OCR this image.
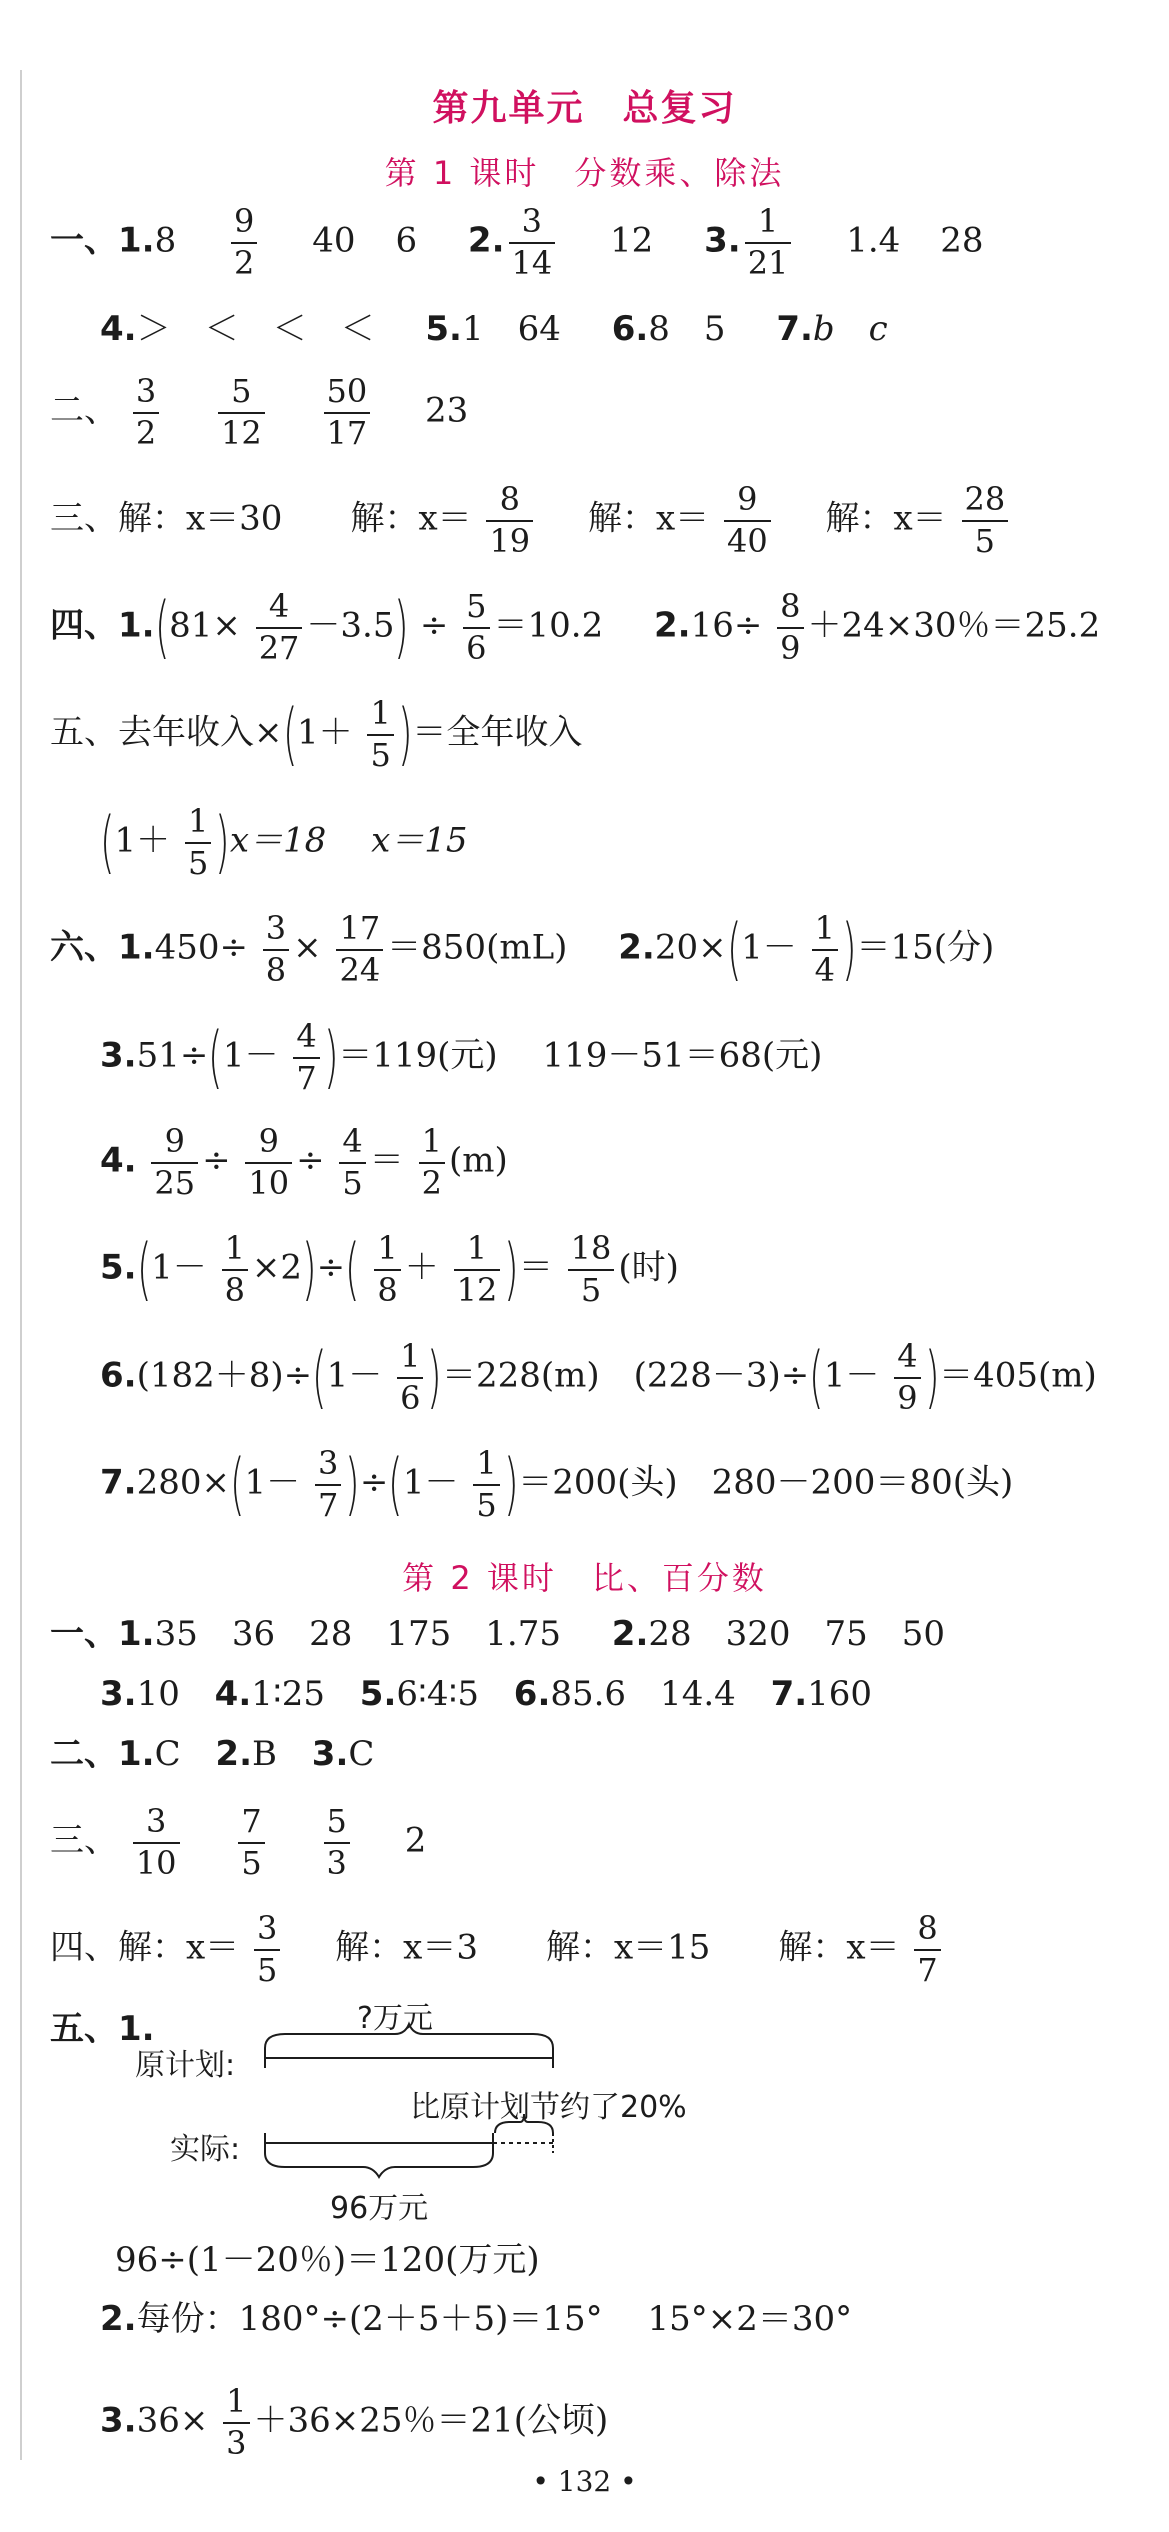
第九单元　总复习
第 1 课时　分数乘、除法
一、$1.8 \frac{9}{2} 40$ 6 2. $\frac{3}{14} 12$ 3. $\frac{1}{21} 1.4$ 28
4.＞　＜　＜　＜ 5.1　64 6.8　5 7.b　c
二、 $\frac{3}{2}$
$\frac{5}{12}$
$\frac{50}{17} 23$
三、解：x＝30　　解：$x= \frac{8}{19}$ 解：$x= \frac{9}{40}$ 解：$x= \frac{28}{5}$
四、$1.(81\times \frac{4}{27} -3.5) \div \frac{5}{6} =10.2$ $2.16\div \frac{8}{9} +24\times 30$％＝25.2
五、去年收入$\times(1+ \frac{1}{5}$ )＝全年收入
$(1+ \frac{1}{5} )x=18$　 x＝15
六、$1.450\div \frac{3}{8} \times \frac{17}{24} =850(mL)$ $2.20\times(1- \frac{1}{4} )=15$(分)
$3.51\div(1- \frac{4}{7} )=119$(元)　 119－51＝68(元)
4. $\frac{9}{25} \div \frac{9}{10} \div \frac{4}{5} = \frac{1}{2} (m)$
$5.(1- \frac{1}{8} \times 2)\div( \frac{1}{8} + \frac{1}{12}$ )＝ $\frac{18}{5}$ (时)
$6.(182+8)\div(1- \frac{1}{6} )=228(m)$　$(228-3)\div(1- \frac{4}{9} )=405(m)$
$7.280\times(1- \frac{3}{7} )\div(1- \frac{1}{5} )=200$(头)　280－200＝80(头)
第 2 课时　比、百分数
一、1.35　36　28　175　1.75 2.28　320　75　50
3.10 4.1∶25 5.6∶4∶5 6.85.6　14.4 7.160
二、1.C 2.B 3.C
三、 $\frac{3}{10}$
$\frac{7}{5}$
$\frac{5}{3} 2$
四、解：$x= \frac{3}{5}$ 解：x＝3　　解：x＝15　　解：$x= \frac{8}{7}$
五、1.	?万元
原计划:
实际:
比原计划节约了20%
96万元
96÷(1－20％)＝120(万元)
2.每份：180°÷(2＋5＋5)＝15°　 15°×2＝30°
$3.36\times \frac{1}{3} +36\times 25$％＝21(公顷)
• 132 •
